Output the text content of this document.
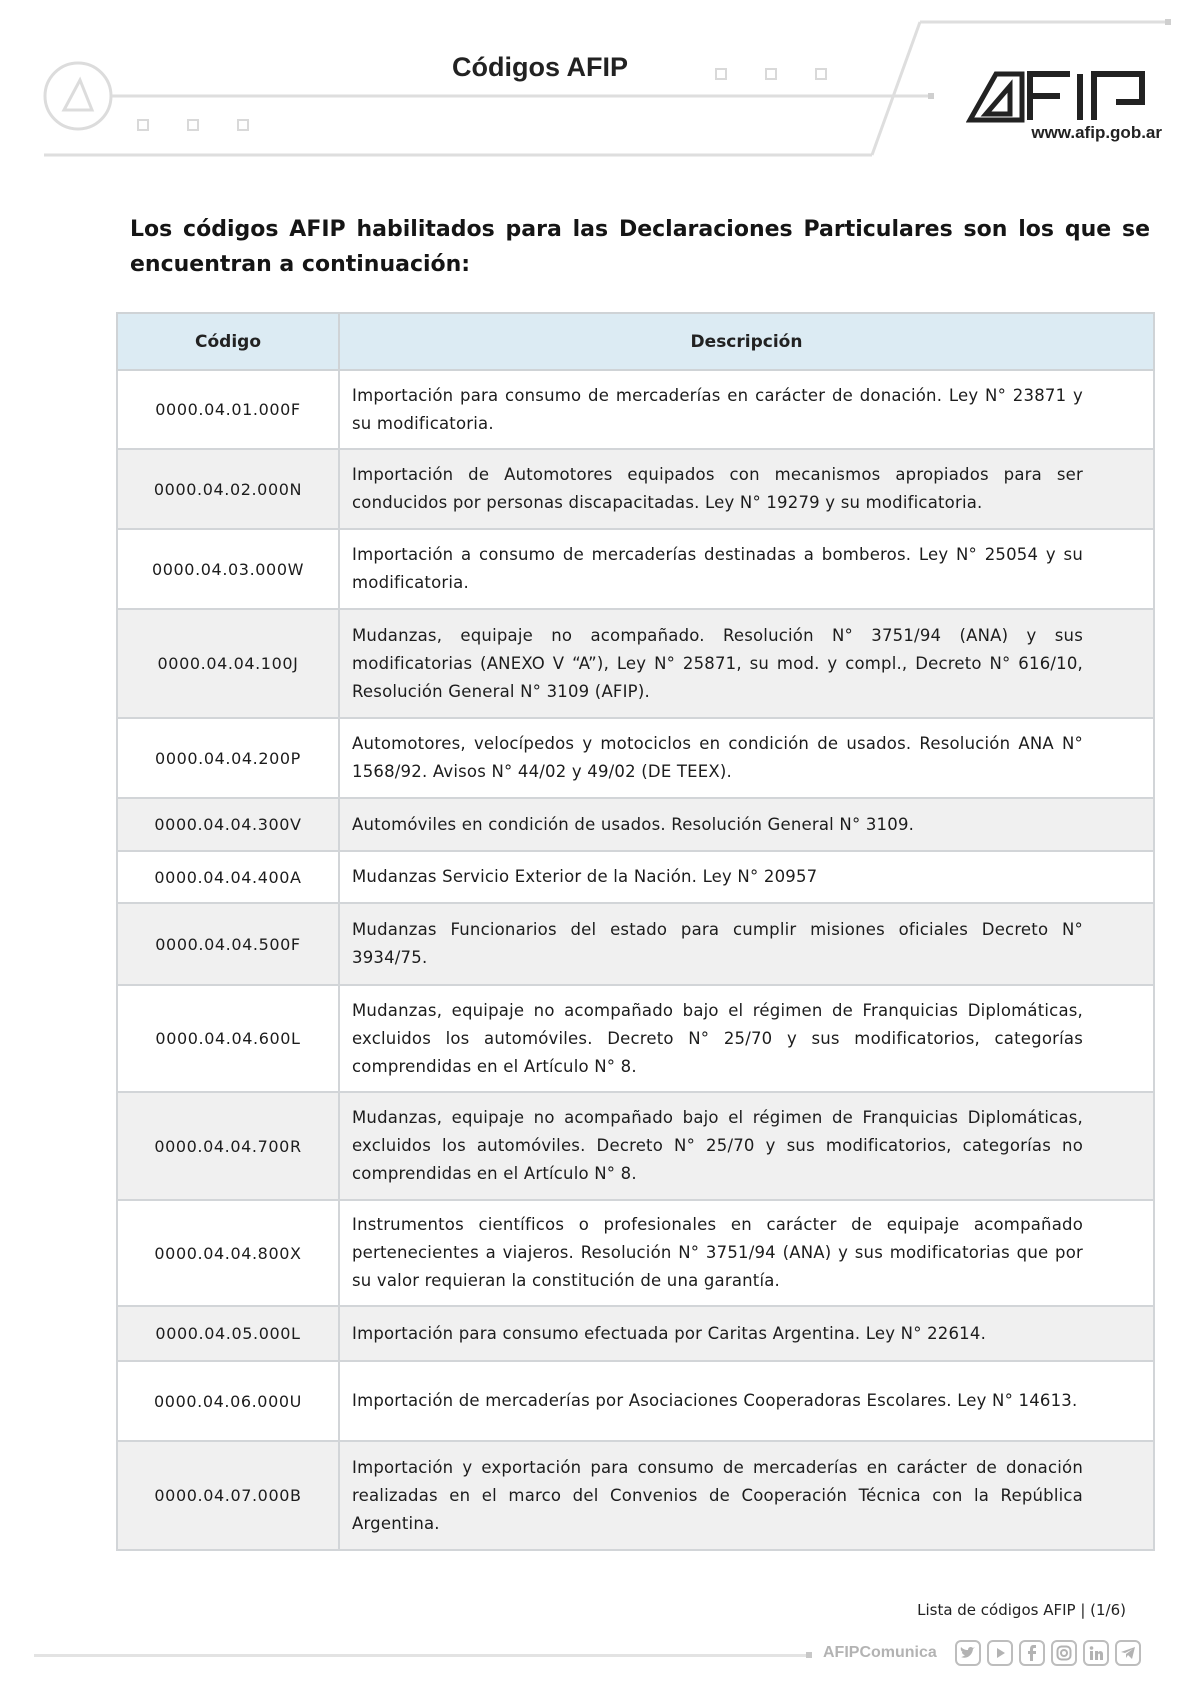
Códigos AFIP
www.afip.gob.ar

Los códigos AFIP habilitados para las Declaraciones Particulares son los que se encuentran a continuación:

Código	Descripción
0000.04.01.000F	Importación para consumo de mercaderías en carácter de donación. Ley N° 23871 y su modificatoria.
0000.04.02.000N	Importación de Automotores equipados con mecanismos apropiados para ser conducidos por personas discapacitadas. Ley N° 19279 y su modificatoria.
0000.04.03.000W	Importación a consumo de mercaderías destinadas a bomberos. Ley N° 25054 y su modificatoria.
0000.04.04.100J	Mudanzas, equipaje no acompañado. Resolución N° 3751/94 (ANA) y sus modificatorias (ANEXO V “A”), Ley N° 25871, su mod. y compl., Decreto N° 616/10, Resolución General N° 3109 (AFIP).
0000.04.04.200P	Automotores, velocípedos y motociclos en condición de usados. Resolución ANA N° 1568/92. Avisos N° 44/02 y 49/02 (DE TEEX).
0000.04.04.300V	Automóviles en condición de usados. Resolución General N° 3109.
0000.04.04.400A	Mudanzas Servicio Exterior de la Nación. Ley N° 20957
0000.04.04.500F	Mudanzas Funcionarios del estado para cumplir misiones oficiales Decreto N° 3934/75.
0000.04.04.600L	Mudanzas, equipaje no acompañado bajo el régimen de Franquicias Diplomáticas, excluidos los automóviles. Decreto N° 25/70 y sus modificatorios, categorías comprendidas en el Artículo N° 8.
0000.04.04.700R	Mudanzas, equipaje no acompañado bajo el régimen de Franquicias Diplomáticas, excluidos los automóviles. Decreto N° 25/70 y sus modificatorios, categorías no comprendidas en el Artículo N° 8.
0000.04.04.800X	Instrumentos científicos o profesionales en carácter de equipaje acompañado pertenecientes a viajeros. Resolución N° 3751/94 (ANA) y sus modificatorias que por su valor requieran la constitución de una garantía.
0000.04.05.000L	Importación para consumo efectuada por Caritas Argentina. Ley N° 22614.
0000.04.06.000U	Importación de mercaderías por Asociaciones Cooperadoras Escolares. Ley N° 14613.
0000.04.07.000B	Importación y exportación para consumo de mercaderías en carácter de donación realizadas en el marco del Convenios de Cooperación Técnica con la República Argentina.
Lista de códigos AFIP | (1/6)
AFIPComunica
